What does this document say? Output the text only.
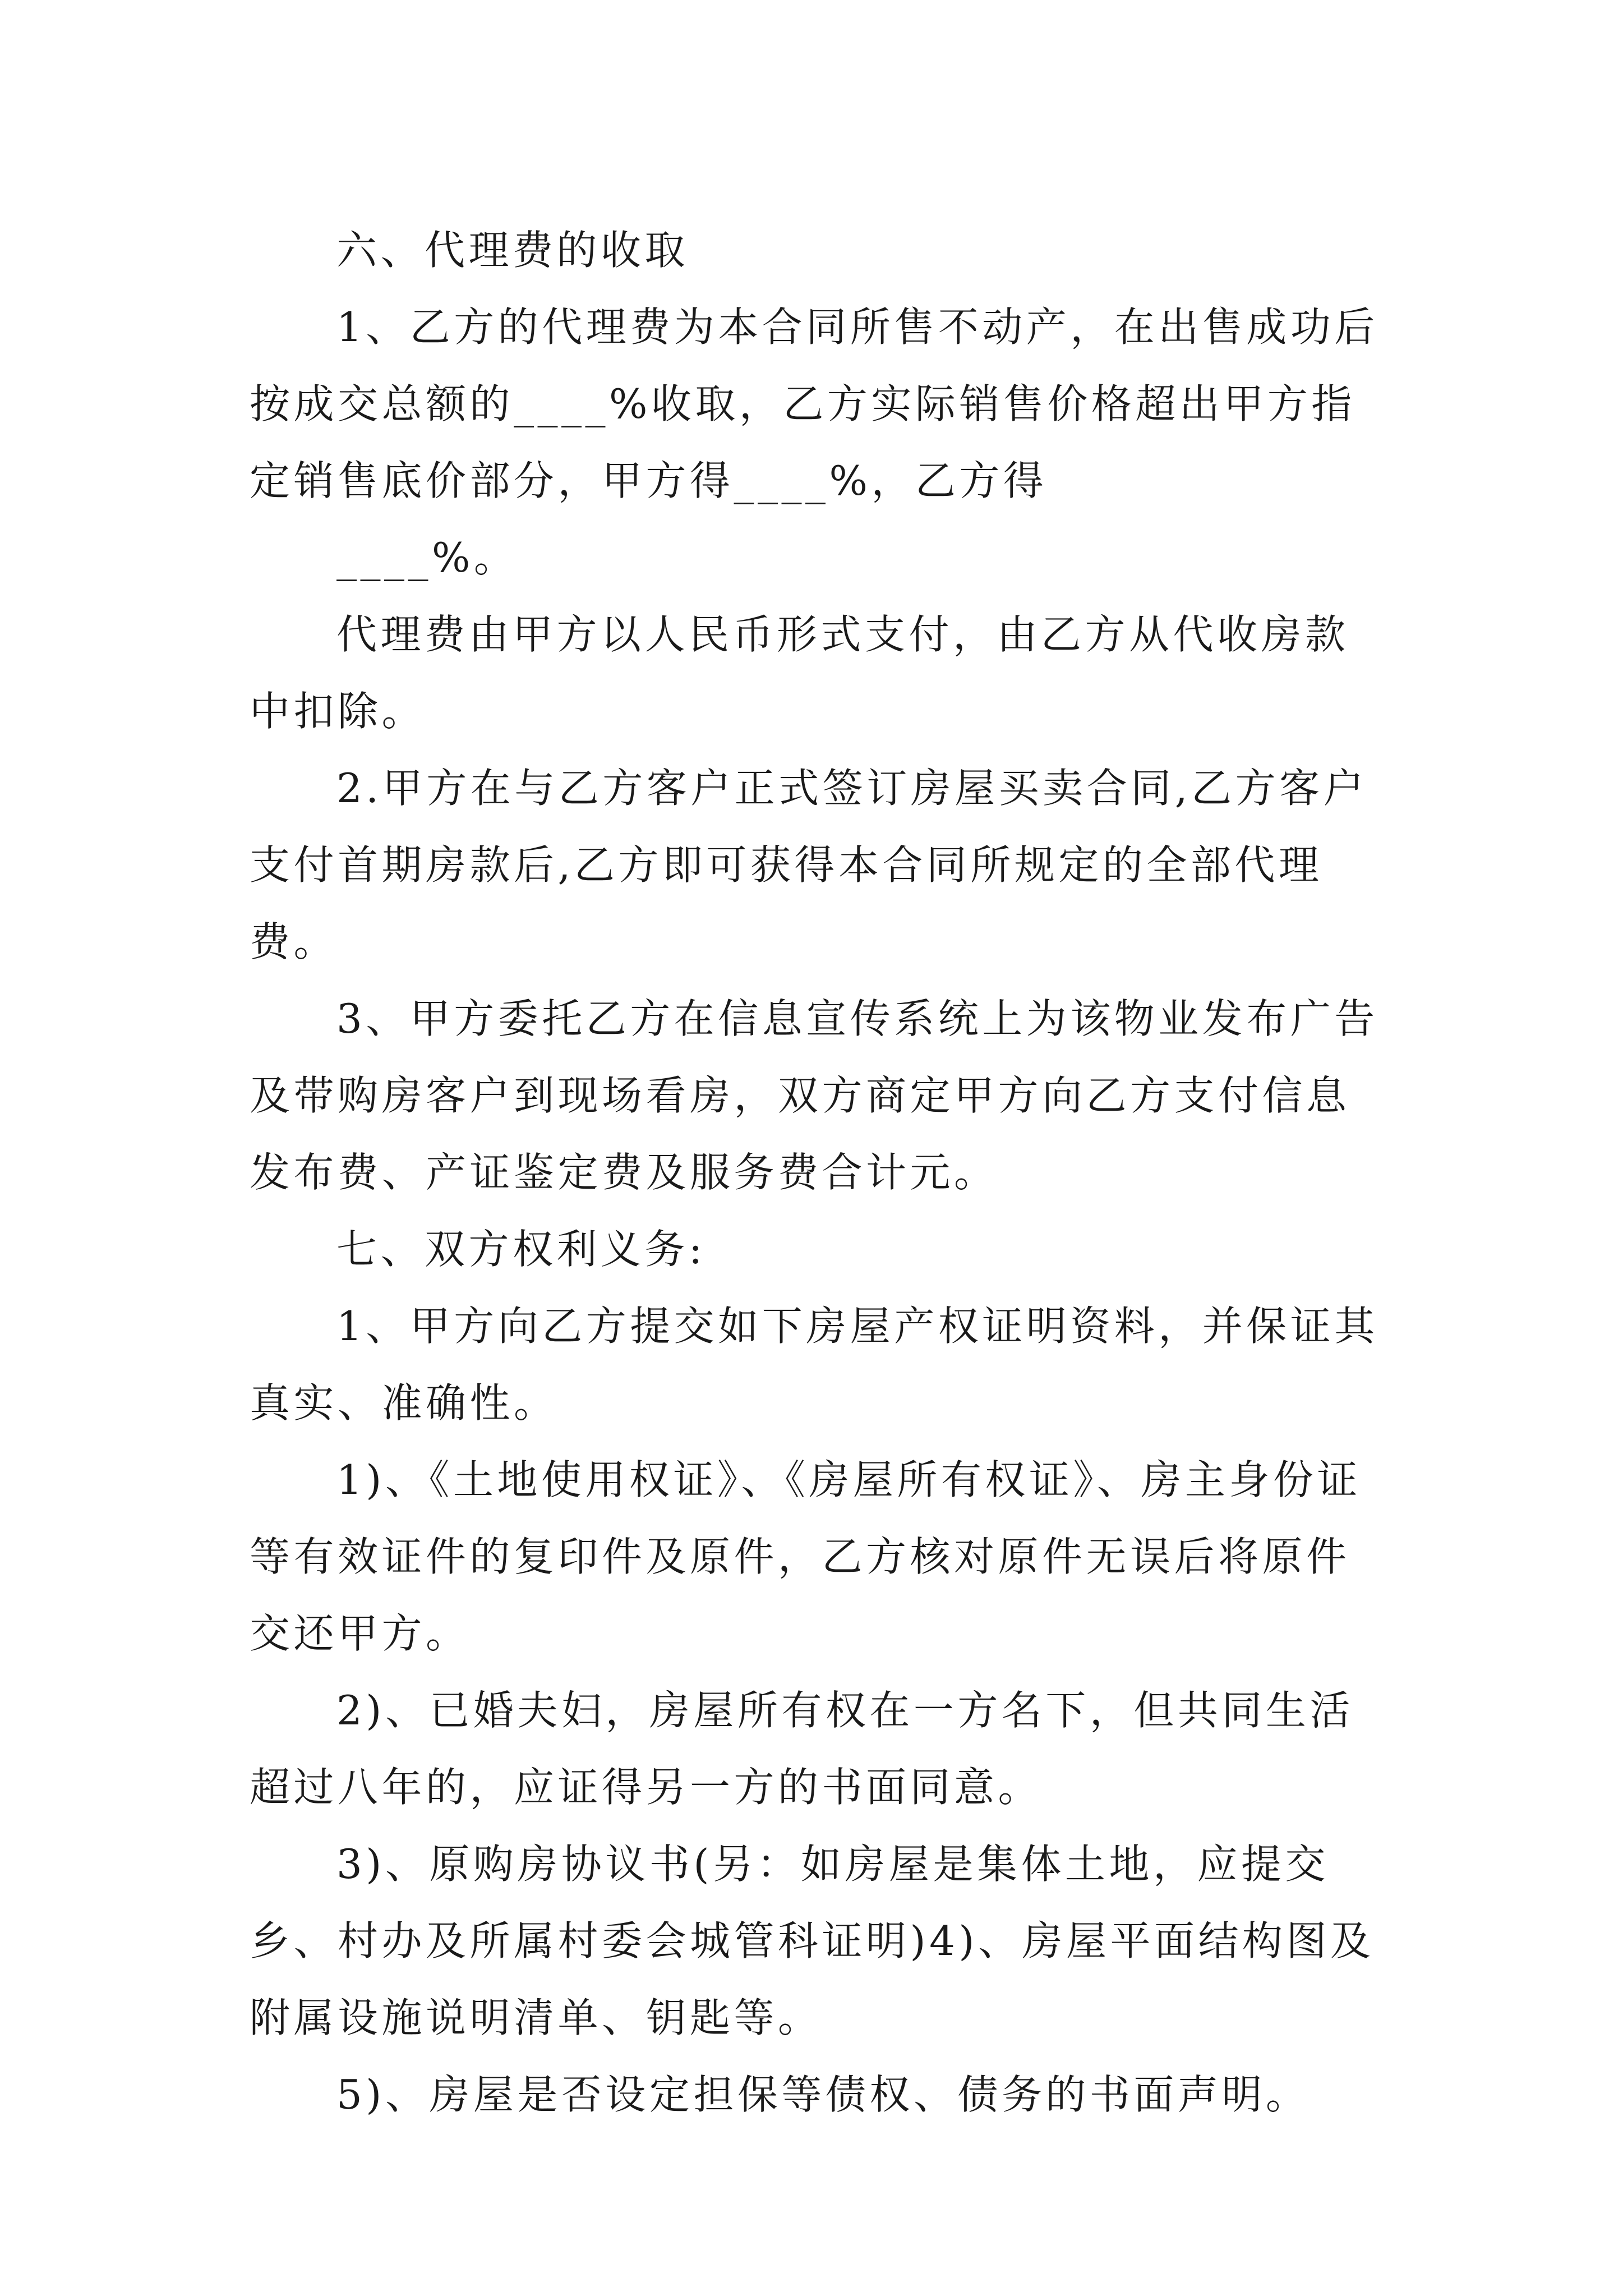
六、代理费的收取

1、乙方的代理费为本合同所售不动产，在出售成功后按成交总额的____%收取，乙方实际销售价格超出甲方指定销售底价部分，甲方得____%，乙方得

____%。

代理费由甲方以人民币形式支付，由乙方从代收房款中扣除。

2.甲方在与乙方客户正式签订房屋买卖合同,乙方客户支付首期房款后,乙方即可获得本合同所规定的全部代理费。

3、甲方委托乙方在信息宣传系统上为该物业发布广告及带购房客户到现场看房，双方商定甲方向乙方支付信息发布费、产证鉴定费及服务费合计元。

七、双方权利义务:

1、甲方向乙方提交如下房屋产权证明资料，并保证其真实、准确性。

1)、《土地使用权证》、《房屋所有权证》、房主身份证等有效证件的复印件及原件，乙方核对原件无误后将原件交还甲方。

2)、已婚夫妇，房屋所有权在一方名下，但共同生活超过八年的，应证得另一方的书面同意。

3)、原购房协议书(另：如房屋是集体土地，应提交乡、村办及所属村委会城管科证明)4)、房屋平面结构图及附属设施说明清单、钥匙等。

5)、房屋是否设定担保等债权、债务的书面声明。
